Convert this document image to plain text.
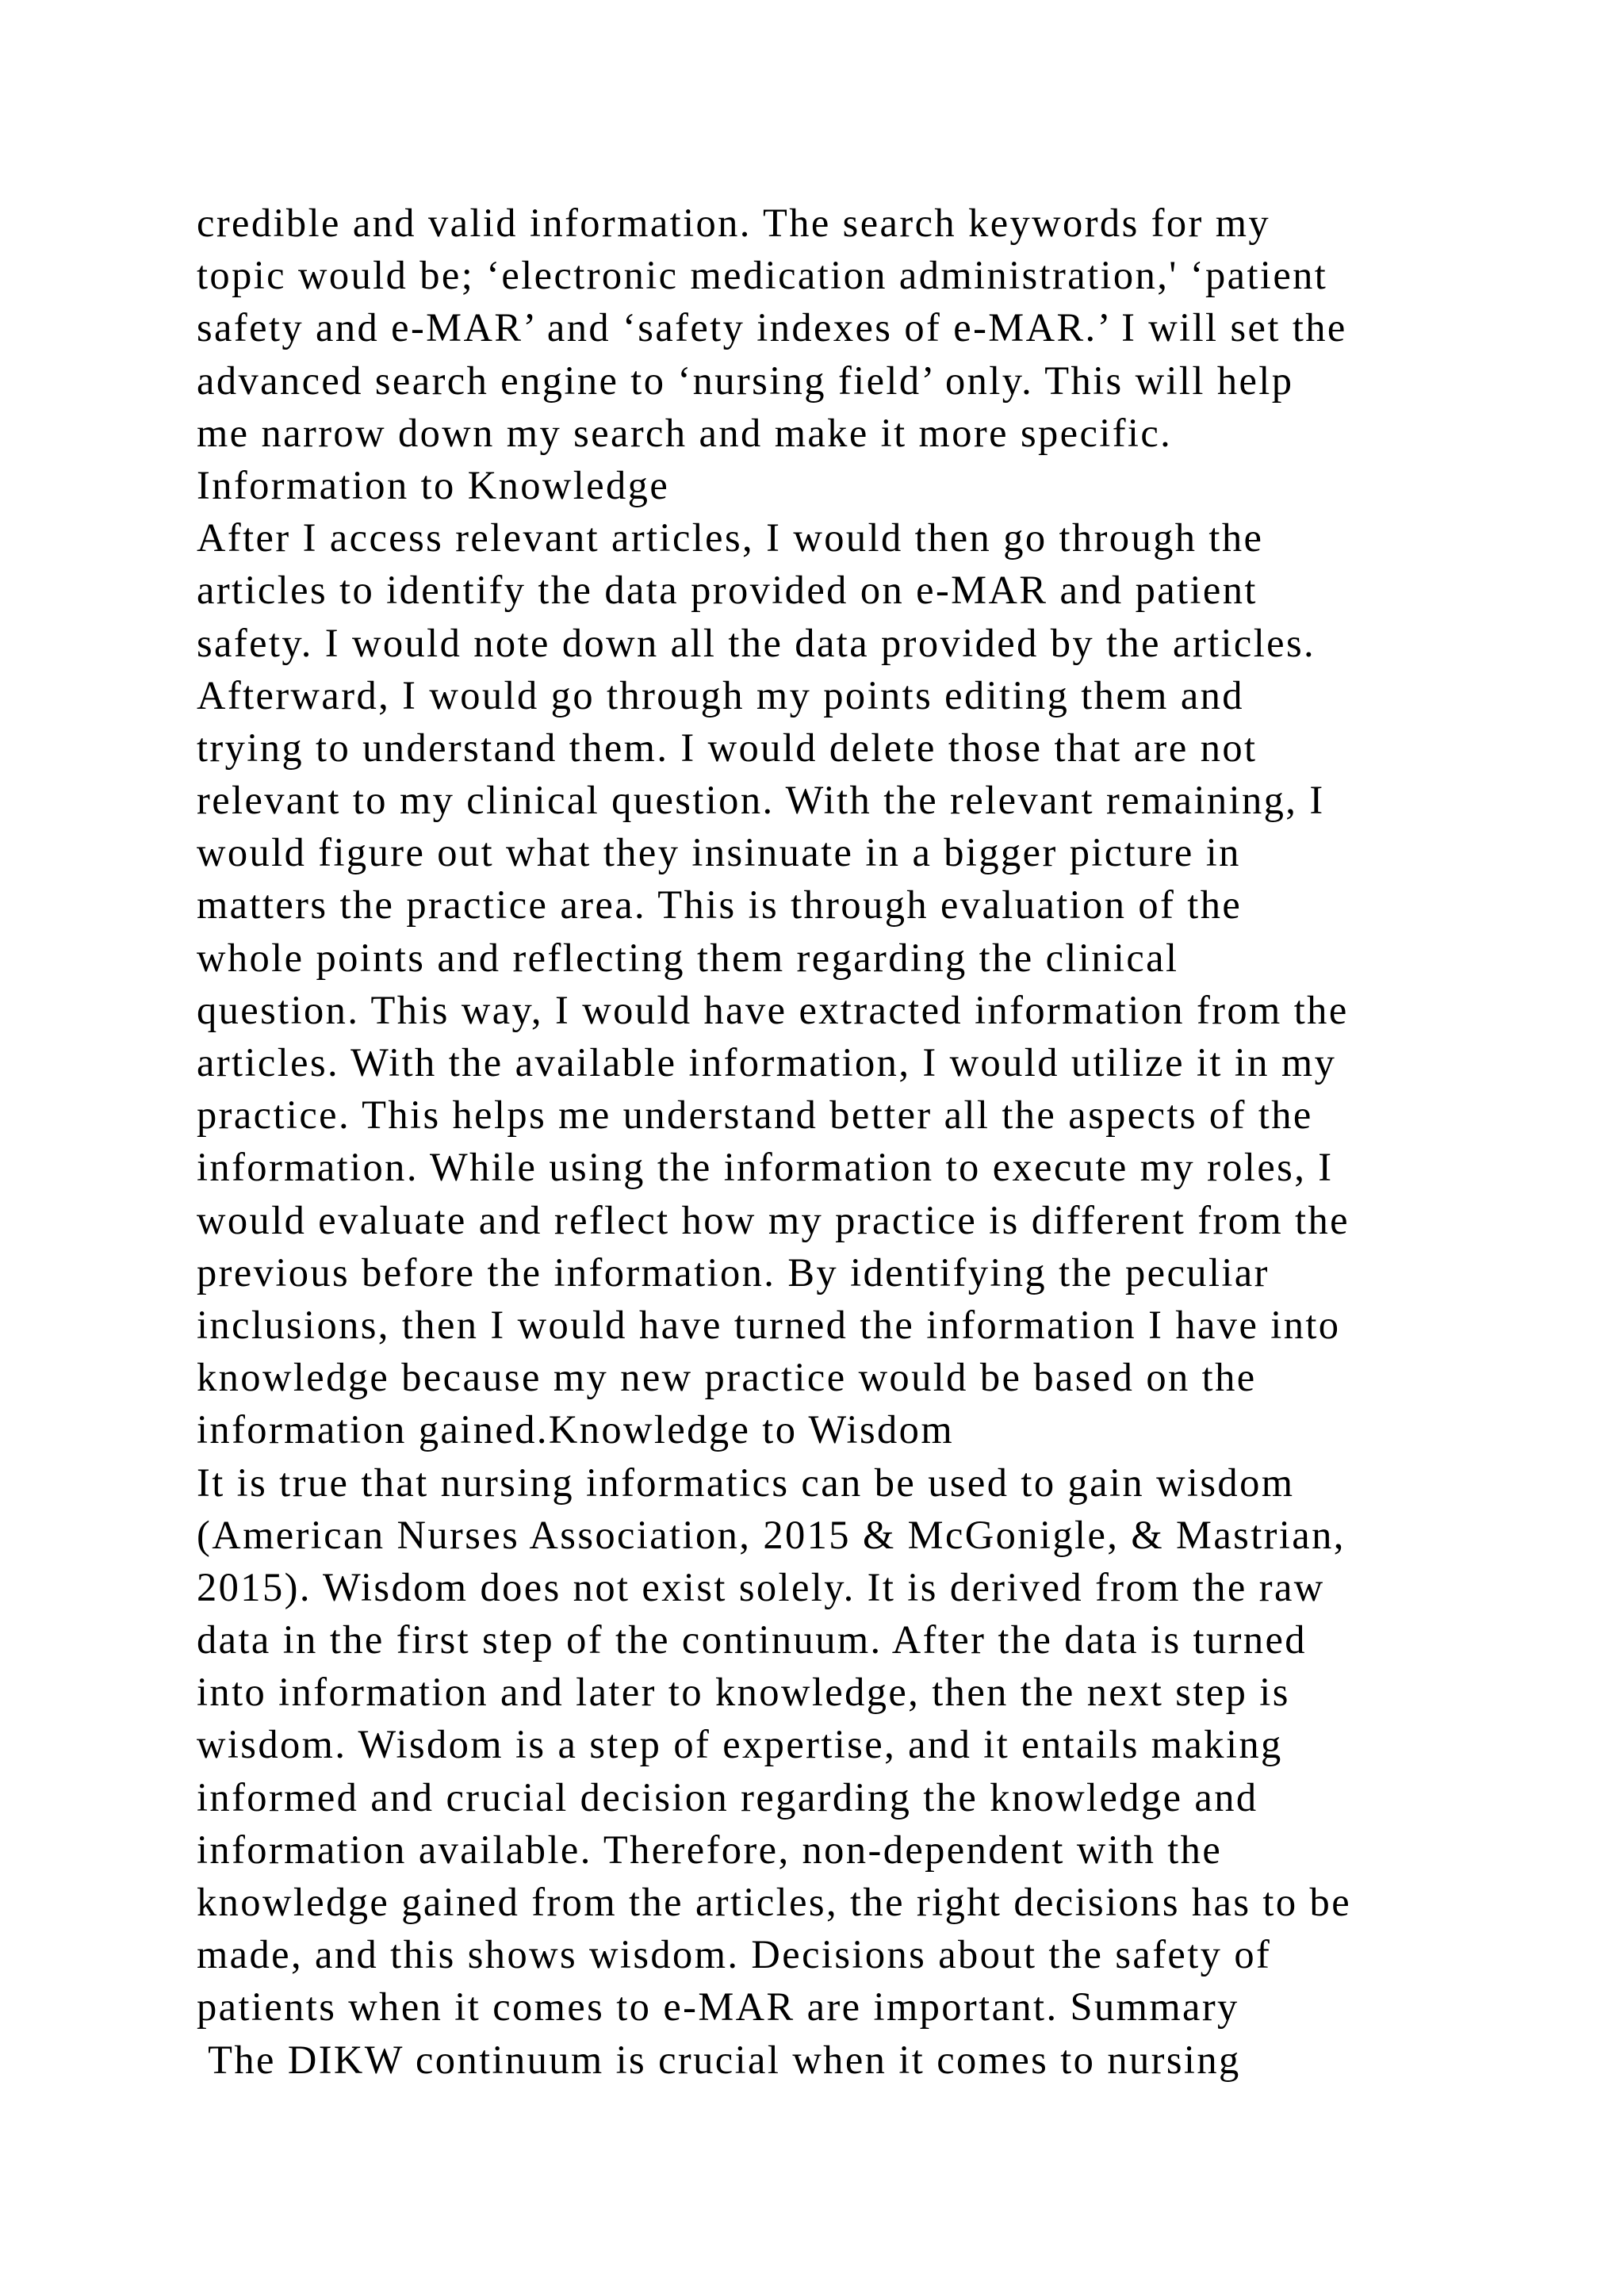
credible and valid information. The search keywords for my
topic would be; ‘electronic medication administration,' ‘patient
safety and e-MAR’ and ‘safety indexes of e-MAR.’ I will set the
advanced search engine to ‘nursing field’ only. This will help
me narrow down my search and make it more specific.
Information to Knowledge
After I access relevant articles, I would then go through the
articles to identify the data provided on e-MAR and patient
safety. I would note down all the data provided by the articles.
Afterward, I would go through my points editing them and
trying to understand them. I would delete those that are not
relevant to my clinical question. With the relevant remaining, I
would figure out what they insinuate in a bigger picture in
matters the practice area. This is through evaluation of the
whole points and reflecting them regarding the clinical
question. This way, I would have extracted information from the
articles. With the available information, I would utilize it in my
practice. This helps me understand better all the aspects of the
information. While using the information to execute my roles, I
would evaluate and reflect how my practice is different from the
previous before the information. By identifying the peculiar
inclusions, then I would have turned the information I have into
knowledge because my new practice would be based on the
information gained.Knowledge to Wisdom
It is true that nursing informatics can be used to gain wisdom
(American Nurses Association, 2015 & McGonigle, & Mastrian,
2015). Wisdom does not exist solely. It is derived from the raw
data in the first step of the continuum. After the data is turned
into information and later to knowledge, then the next step is
wisdom. Wisdom is a step of expertise, and it entails making
informed and crucial decision regarding the knowledge and
information available. Therefore, non-dependent with the
knowledge gained from the articles, the right decisions has to be
made, and this shows wisdom. Decisions about the safety of
patients when it comes to e-MAR are important. Summary
The DIKW continuum is crucial when it comes to nursing
